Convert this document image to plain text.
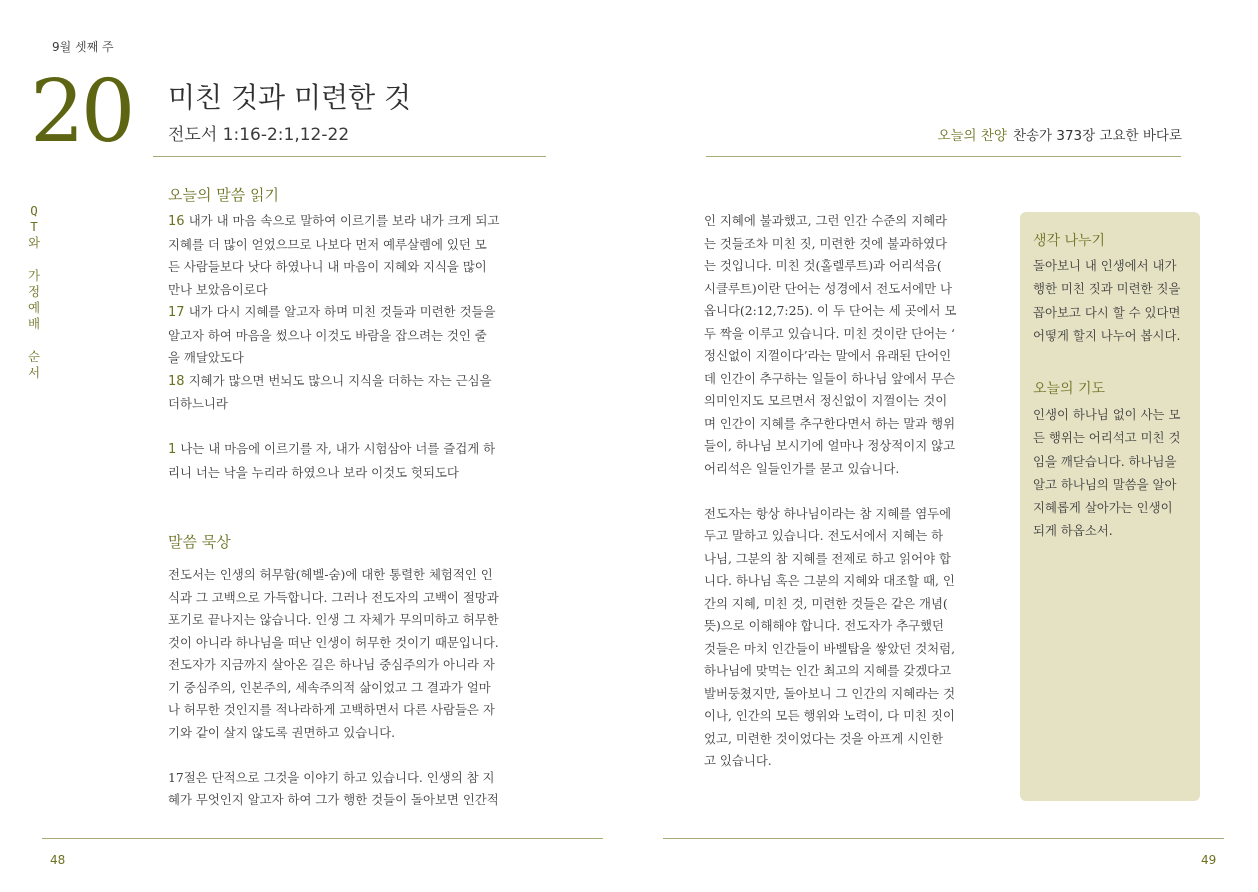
9월 셋째 주
20 미친 것과 미련한 것
전도서 1:16-2:1,12-22
Q
T
와

가
정
예
배

순
서
오늘의 말씀 읽기

16 내가 내 마음 속으로 말하여 이르기를 보라 내가 크게 되고

지혜를 더 많이 얻었으므로 나보다 먼저 예루살렘에 있던 모

든 사람들보다 낫다 하였나니 내 마음이 지혜와 지식을 많이

만나 보았음이로다

17 내가 다시 지혜를 알고자 하며 미친 것들과 미련한 것들을

알고자 하여 마음을 썼으나 이것도 바람을 잡으려는 것인 줄

을 깨달았도다

18 지혜가 많으면 번뇌도 많으니 지식을 더하는 자는 근심을

더하느니라

1 나는 내 마음에 이르기를 자, 내가 시험삼아 너를 즐겁게 하

리니 너는 낙을 누리라 하였으나 보라 이것도 헛되도다

말씀 묵상

전도서는 인생의 허무함(헤벨-숨)에 대한 통렬한 체험적인 인

식과 그 고백으로 가득합니다. 그러나 전도자의 고백이 절망과

포기로 끝나지는 않습니다. 인생 그 자체가 무의미하고 허무한

것이 아니라 하나님을 떠난 인생이 허무한 것이기 때문입니다.

전도자가 지금까지 살아온 길은 하나님 중심주의가 아니라 자

기 중심주의, 인본주의, 세속주의적 삶이었고 그 결과가 얼마

나 허무한 것인지를 적나라하게 고백하면서 다른 사람들은 자

기와 같이 살지 않도록 권면하고 있습니다.

17절은 단적으로 그것을 이야기 하고 있습니다. 인생의 참 지

혜가 무엇인지 알고자 하여 그가 행한 것들이 돌아보면 인간적

48
오늘의 찬양 찬송가 373장 고요한 바다로

인 지혜에 불과했고, 그런 인간 수준의 지혜라

는 것들조차 미친 짓, 미련한 것에 불과하였다

는 것입니다. 미친 것(홀렐루트)과 어리석음(

시클루트)이란 단어는 성경에서 전도서에만 나

옵니다(2:12,7:25). 이 두 단어는 세 곳에서 모

두 짝을 이루고 있습니다. 미친 것이란 단어는 ‘

정신없이 지껄이다’라는 말에서 유래된 단어인

데 인간이 추구하는 일들이 하나님 앞에서 무슨

의미인지도 모르면서 정신없이 지껄이는 것이

며 인간이 지혜를 추구한다면서 하는 말과 행위

들이, 하나님 보시기에 얼마나 정상적이지 않고

어리석은 일들인가를 묻고 있습니다.

전도자는 항상 하나님이라는 참 지혜를 염두에

두고 말하고 있습니다. 전도서에서 지혜는 하

나님, 그분의 참 지혜를 전제로 하고 읽어야 합

니다. 하나님 혹은 그분의 지혜와 대조할 때, 인

간의 지혜, 미친 것, 미련한 것들은 같은 개념(

뜻)으로 이해해야 합니다. 전도자가 추구했던

것들은 마치 인간들이 바벨탑을 쌓았던 것처럼,

하나님에 맞먹는 인간 최고의 지혜를 갖겠다고

발버둥쳤지만, 돌아보니 그 인간의 지혜라는 것

이나, 인간의 모든 행위와 노력이, 다 미친 짓이

었고, 미련한 것이었다는 것을 아프게 시인한

고 있습니다.

생각 나누기

돌아보니 내 인생에서 내가

행한 미친 짓과 미련한 짓을

꼽아보고 다시 할 수 있다면

어떻게 할지 나누어 봅시다.

오늘의 기도

인생이 하나님 없이 사는 모

든 행위는 어리석고 미친 것

임을 깨닫습니다. 하나님을

알고 하나님의 말씀을 알아

지혜롭게 살아가는 인생이

되게 하옵소서.

49
